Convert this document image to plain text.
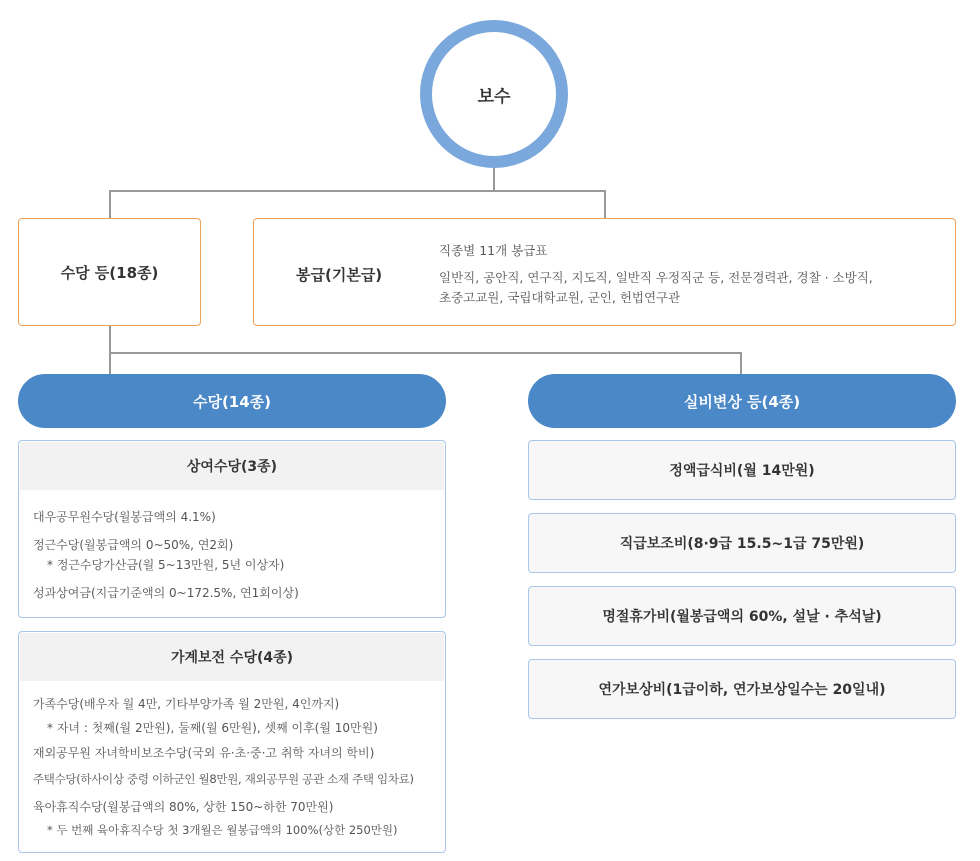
보수
수당 등(18종)	봉급(기본급)
직종별 11개 봉급표
일반직, 공안직, 연구직, 지도직, 일반직 우정직군 등, 전문경력관, 경찰 · 소방직,
초중고교원, 국립대학교원, 군인, 헌법연구관
수당(14종)	실비변상 등(4종)
상여수당(3종)
대우공무원수당(월봉급액의 4.1%)
정근수당(월봉급액의 0~50%, 연2회)
* 정근수당가산금(월 5~13만원, 5년 이상자)
성과상여금(지급기준액의 0~172.5%, 연1회이상)
가계보전 수당(4종)
가족수당(배우자 월 4만, 기타부양가족 월 2만원, 4인까지)
* 자녀 : 첫째(월 2만원), 둘째(월 6만원), 셋째 이후(월 10만원)
재외공무원 자녀학비보조수당(국외 유·초·중·고 취학 자녀의 학비)
주택수당(하사이상 중령 이하군인 월8만원, 재외공무원 공관 소재 주택 임차료)
육아휴직수당(월봉급액의 80%, 상한 150~하한 70만원)
* 두 번째 육아휴직수당 첫 3개월은 월봉급액의 100%(상한 250만원)
정액급식비(월 14만원)
직급보조비(8·9급 15.5~1급 75만원)
명절휴가비(월봉급액의 60%, 설날 · 추석날)
연가보상비(1급이하, 연가보상일수는 20일내)
